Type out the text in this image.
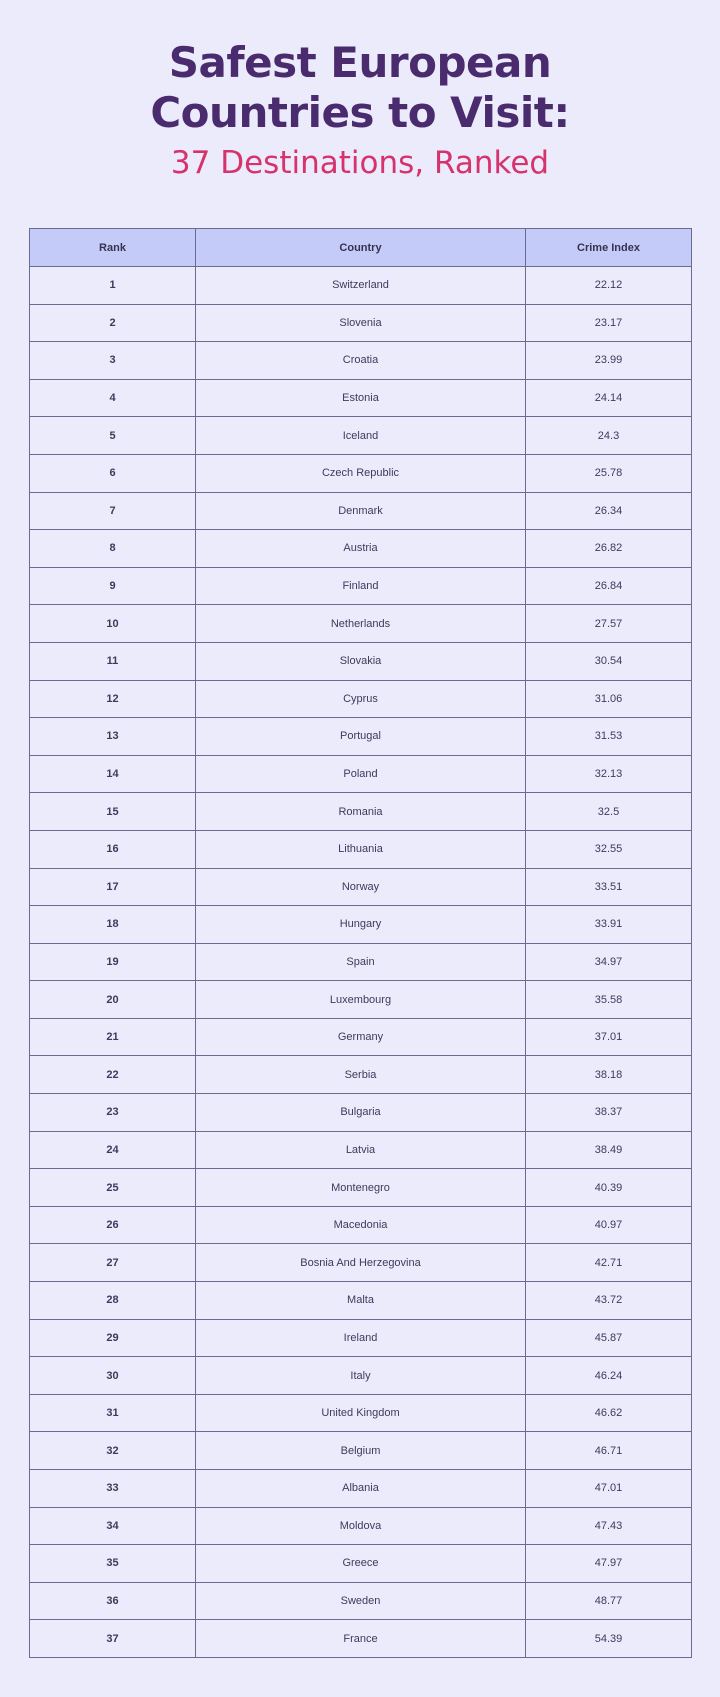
Safest European
Countries to Visit:
37 Destinations, Ranked
Rank	Country	Crime Index
1	Switzerland	22.12
2	Slovenia	23.17
3	Croatia	23.99
4	Estonia	24.14
5	Iceland	24.3
6	Czech Republic	25.78
7	Denmark	26.34
8	Austria	26.82
9	Finland	26.84
10	Netherlands	27.57
11	Slovakia	30.54
12	Cyprus	31.06
13	Portugal	31.53
14	Poland	32.13
15	Romania	32.5
16	Lithuania	32.55
17	Norway	33.51
18	Hungary	33.91
19	Spain	34.97
20	Luxembourg	35.58
21	Germany	37.01
22	Serbia	38.18
23	Bulgaria	38.37
24	Latvia	38.49
25	Montenegro	40.39
26	Macedonia	40.97
27	Bosnia And Herzegovina	42.71
28	Malta	43.72
29	Ireland	45.87
30	Italy	46.24
31	United Kingdom	46.62
32	Belgium	46.71
33	Albania	47.01
34	Moldova	47.43
35	Greece	47.97
36	Sweden	48.77
37	France	54.39
